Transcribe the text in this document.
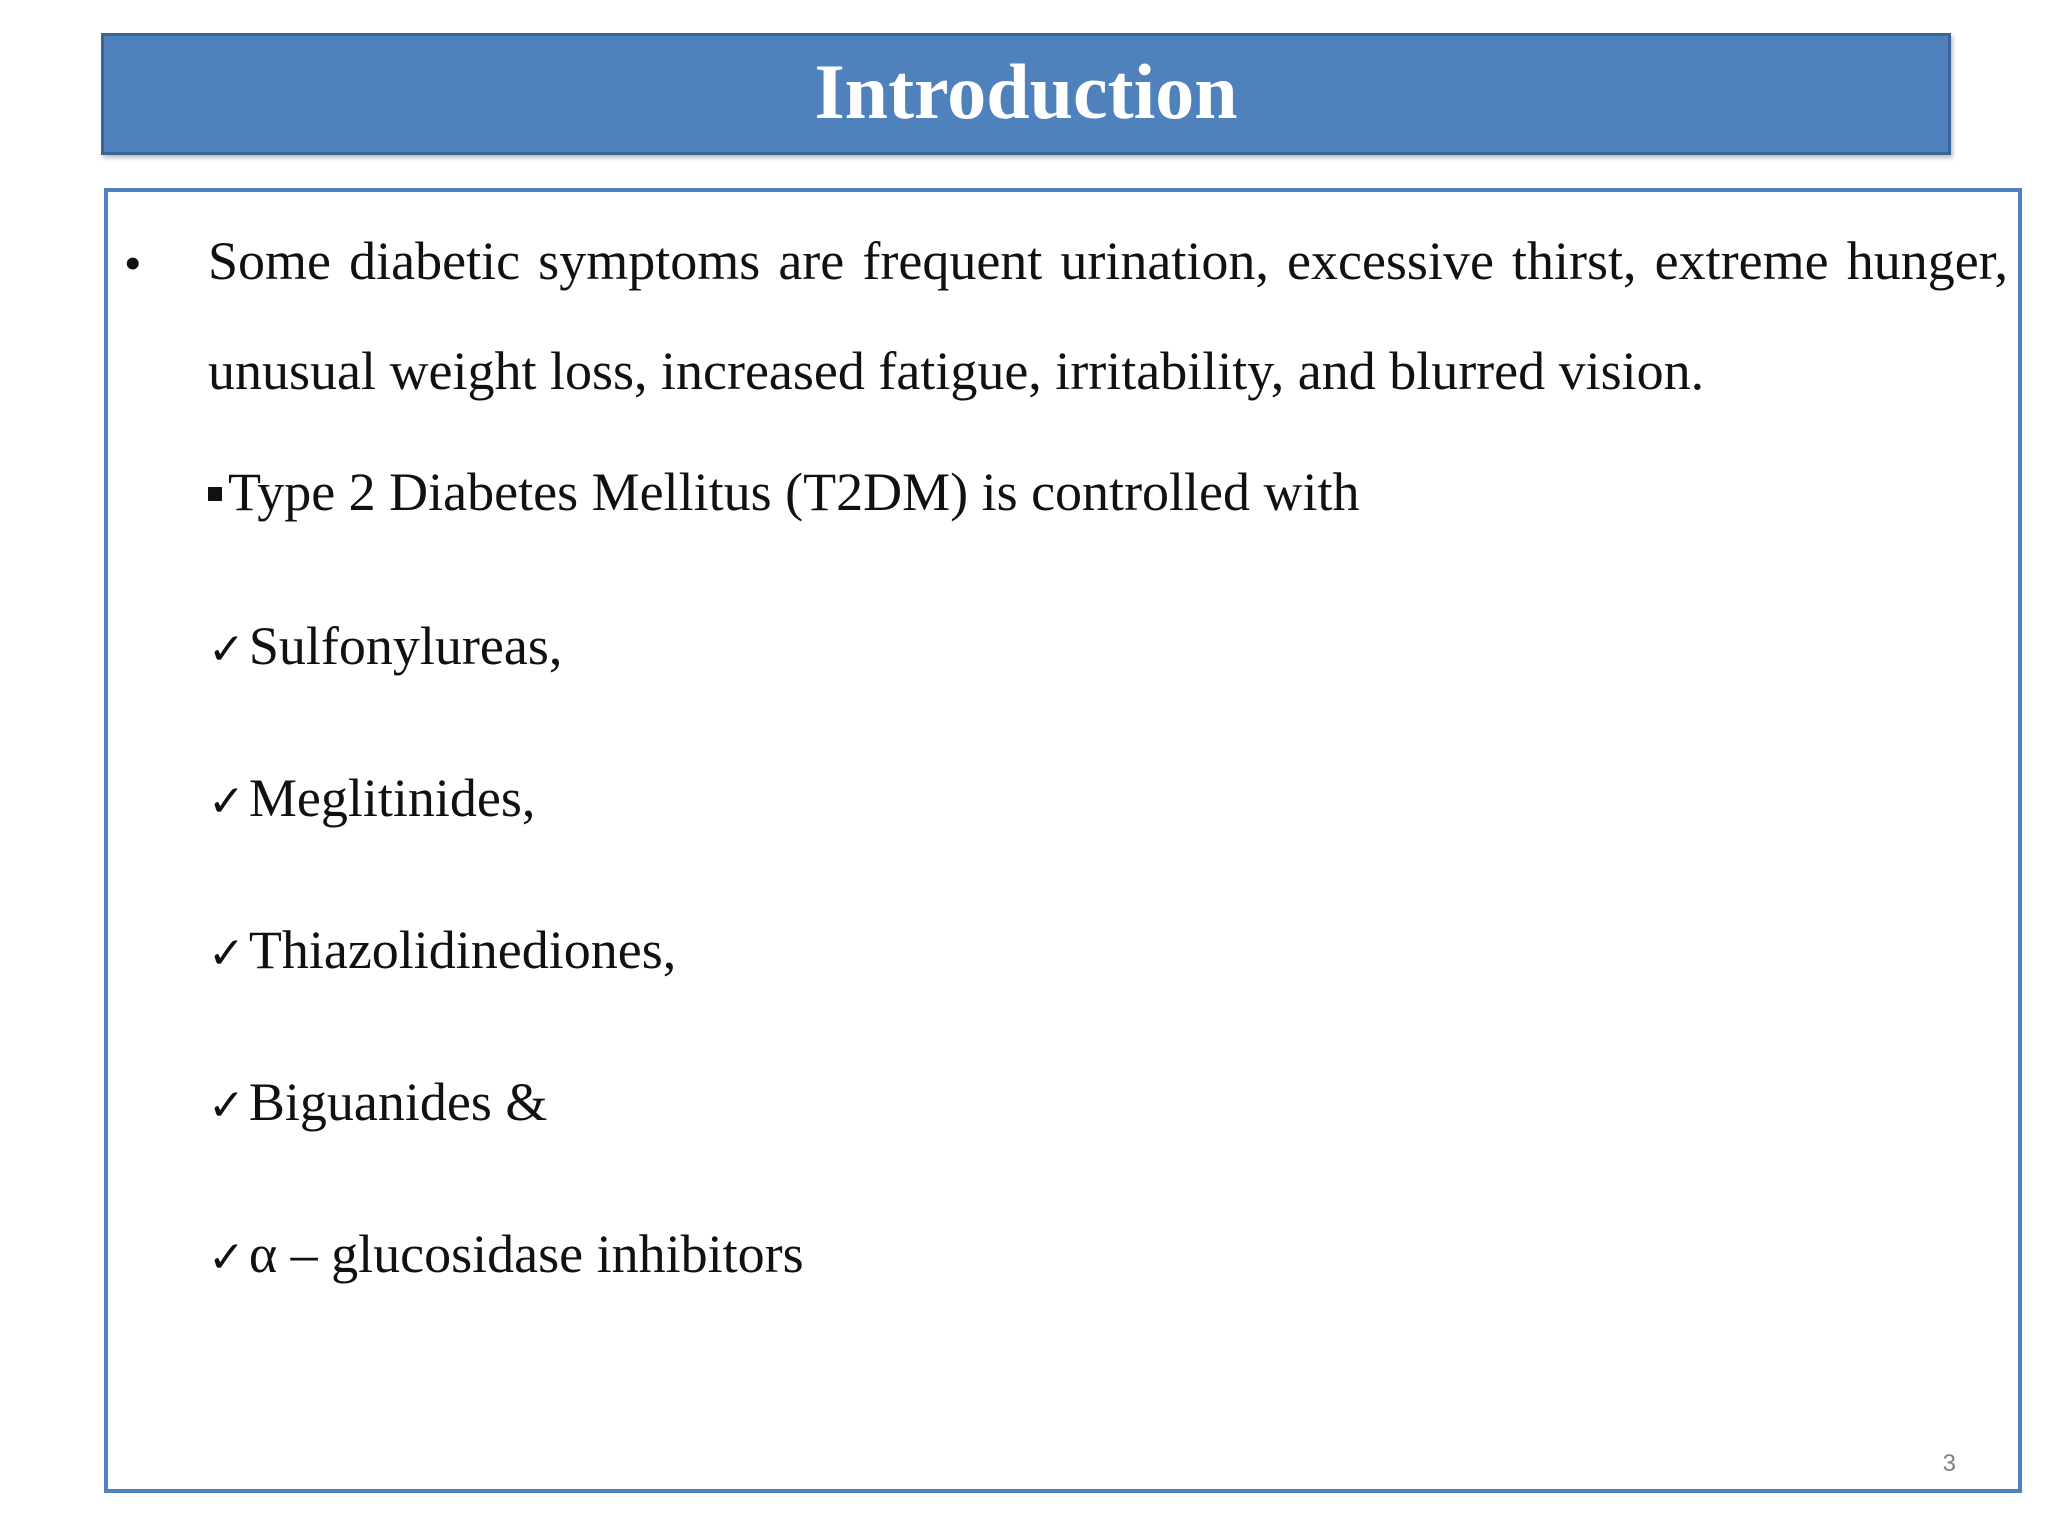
Introduction
• Some diabetic symptoms are frequent urination, excessive thirst, extreme hunger, unusual weight loss, increased fatigue, irritability, and blurred vision.
Type 2 Diabetes Mellitus (T2DM) is controlled with
✓Sulfonylureas,
✓Meglitinides,
✓Thiazolidinediones,
✓Biguanides &
✓α – glucosidase inhibitors
3
